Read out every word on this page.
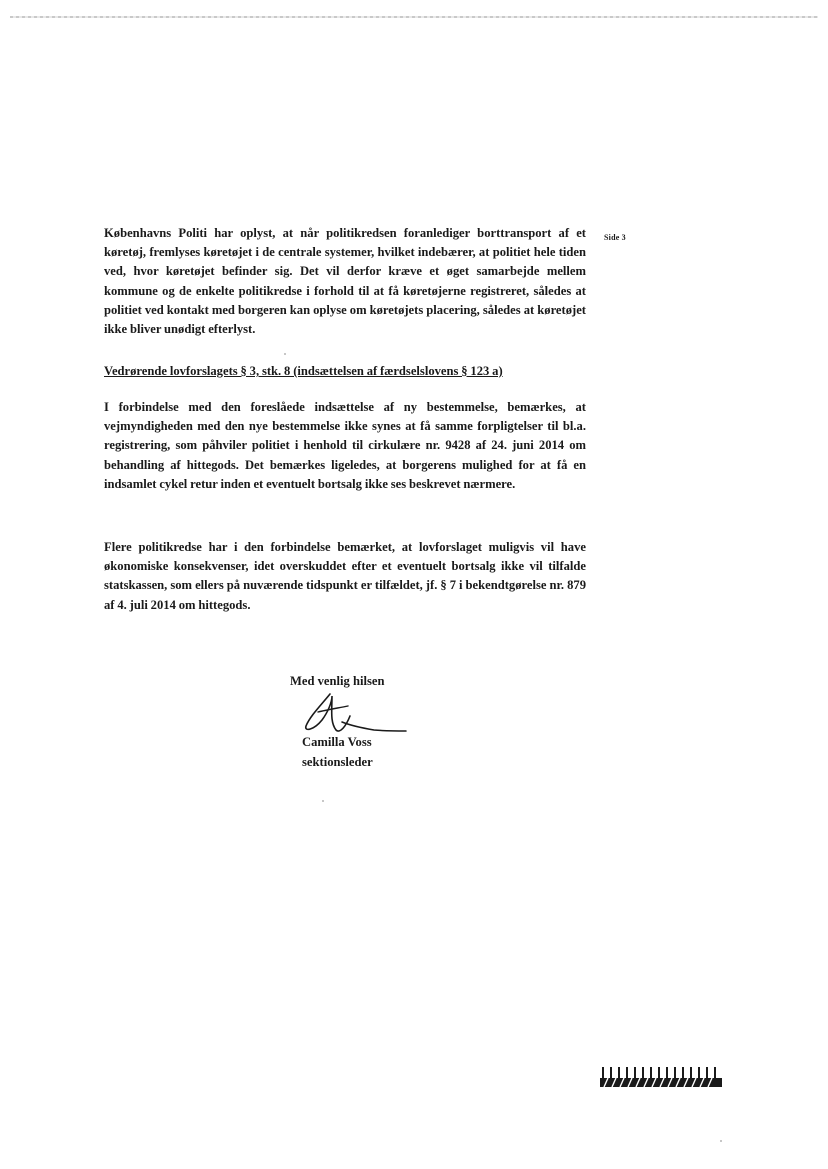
Side 3

Københavns Politi har oplyst, at når politikredsen foranlediger borttransport af et køretøj, fremlyses køretøjet i de centrale systemer, hvilket indebærer, at politiet hele tiden ved, hvor køretøjet befinder sig. Det vil derfor kræve et øget samarbejde mellem kommune og de enkelte politikredse i forhold til at få køretøjerne registreret, således at politiet ved kontakt med borgeren kan oplyse om køretøjets placering, således at køretøjet ikke bliver unødigt efterlyst.

Vedrørende lovforslagets § 3, stk. 8 (indsættelsen af færdselslovens § 123 a)

I forbindelse med den foreslåede indsættelse af ny bestemmelse, bemærkes, at vejmyndigheden med den nye bestemmelse ikke synes at få samme forpligtelser til bl.a. registrering, som påhviler politiet i henhold til cirkulære nr. 9428 af 24. juni 2014 om behandling af hittegods. Det bemærkes ligeledes, at borgerens mulighed for at få en indsamlet cykel retur inden et eventuelt bortsalg ikke ses beskrevet nærmere.

Flere politikredse har i den forbindelse bemærket, at lovforslaget muligvis vil have økonomiske konsekvenser, idet overskuddet efter et eventuelt bortsalg ikke vil tilfalde statskassen, som ellers på nuværende tidspunkt er tilfældet, jf. § 7 i bekendtgørelse nr. 879 af 4. juli 2014 om hittegods.

Med venlig hilsen
Camilla Voss
sektionsleder
